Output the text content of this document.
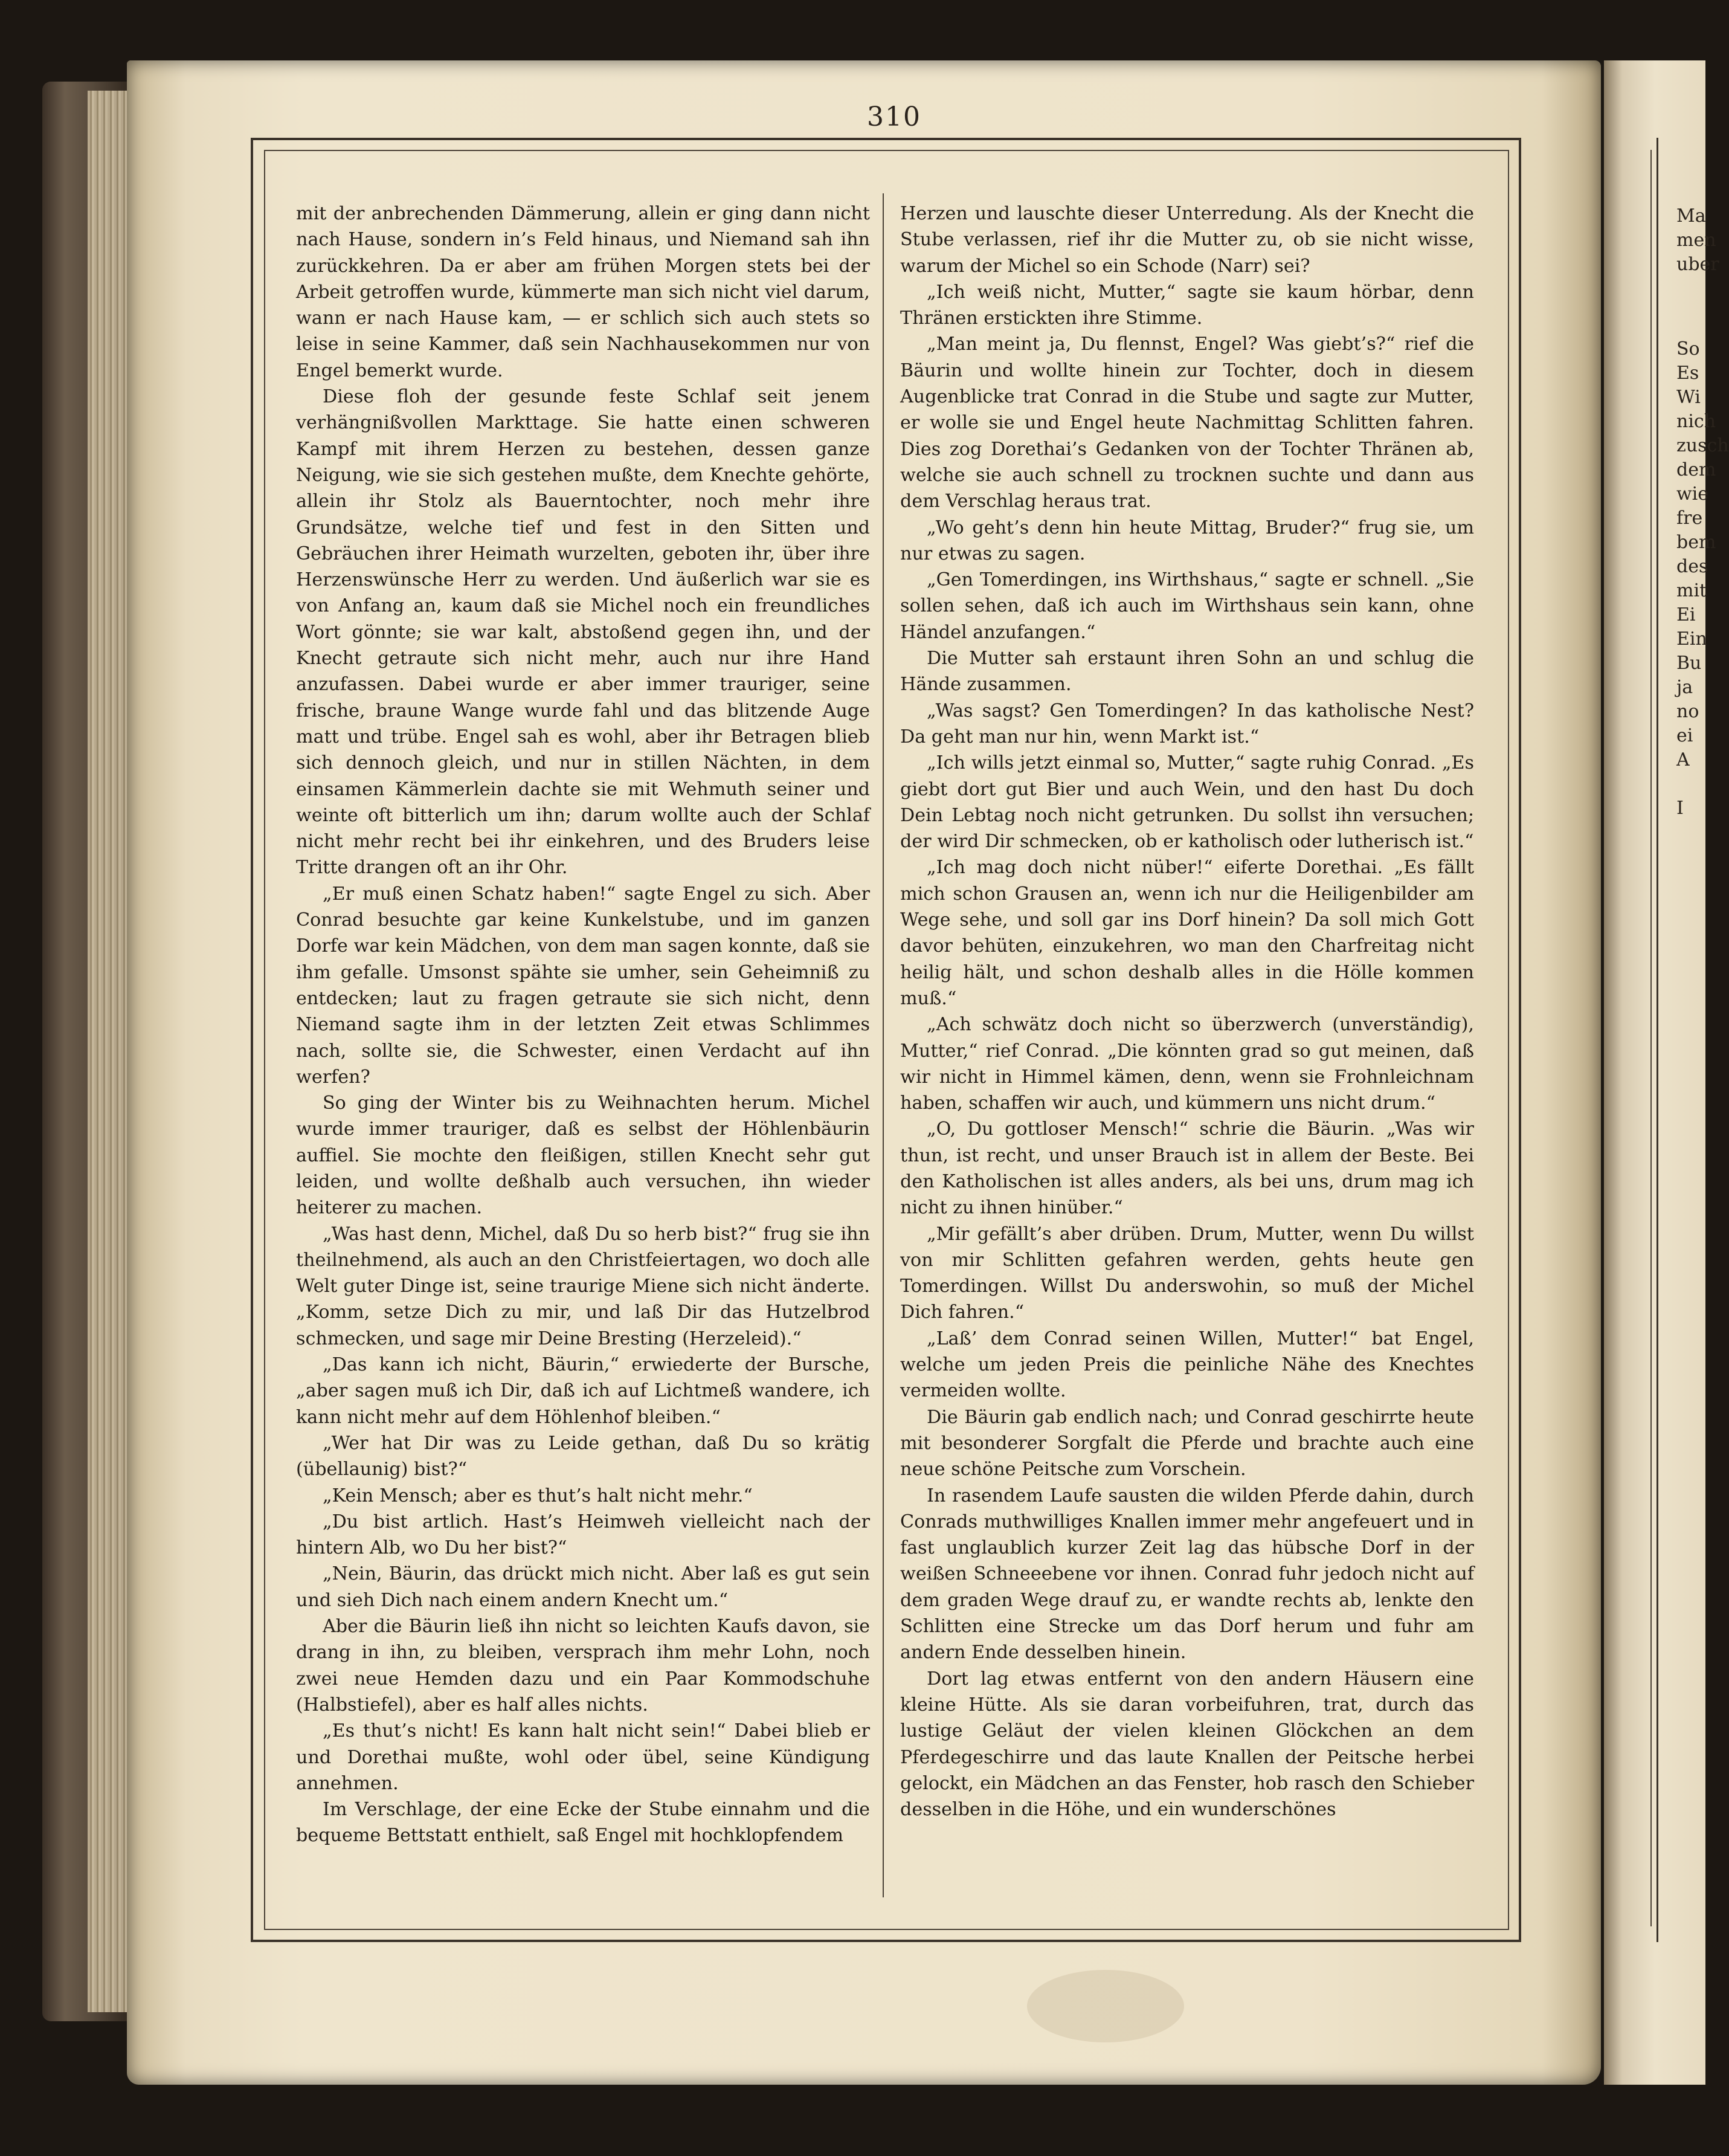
Ma
men
uber
So
Es
Wi
nich
zusch
dem
wie
fre
bem
des
mit
Ei
Ein
Bu
ja
no
ei
A
I
310

mit der anbrechenden Dämmerung, allein er ging dann nicht nach Hause, sondern in’s Feld hinaus, und Niemand sah ihn zurückkehren. Da er aber am frühen Morgen stets bei der Arbeit getroffen wurde, kümmerte man sich nicht viel darum, wann er nach Hause kam, — er schlich sich auch stets so leise in seine Kammer, daß sein Nachhausekommen nur von Engel bemerkt wurde.

Diese floh der gesunde feste Schlaf seit jenem verhängnißvollen Markttage. Sie hatte einen schweren Kampf mit ihrem Herzen zu bestehen, dessen ganze Neigung, wie sie sich gestehen mußte, dem Knechte gehörte, allein ihr Stolz als Bauerntochter, noch mehr ihre Grundsätze, welche tief und fest in den Sitten und Gebräuchen ihrer Heimath wurzelten, geboten ihr, über ihre Herzenswünsche Herr zu werden. Und äußerlich war sie es von Anfang an, kaum daß sie Michel noch ein freundliches Wort gönnte; sie war kalt, abstoßend gegen ihn, und der Knecht getraute sich nicht mehr, auch nur ihre Hand anzufassen. Dabei wurde er aber immer trauriger, seine frische, braune Wange wurde fahl und das blitzende Auge matt und trübe. Engel sah es wohl, aber ihr Betragen blieb sich dennoch gleich, und nur in stillen Nächten, in dem einsamen Kämmerlein dachte sie mit Wehmuth seiner und weinte oft bitterlich um ihn; darum wollte auch der Schlaf nicht mehr recht bei ihr einkehren, und des Bruders leise Tritte drangen oft an ihr Ohr.

„Er muß einen Schatz haben!“ sagte Engel zu sich. Aber Conrad besuchte gar keine Kunkelstube, und im ganzen Dorfe war kein Mädchen, von dem man sagen konnte, daß sie ihm gefalle. Umsonst spähte sie umher, sein Geheimniß zu entdecken; laut zu fragen getraute sie sich nicht, denn Niemand sagte ihm in der letzten Zeit etwas Schlimmes nach, sollte sie, die Schwester, einen Verdacht auf ihn werfen?

So ging der Winter bis zu Weihnachten herum. Michel wurde immer trauriger, daß es selbst der Höhlenbäurin auffiel. Sie mochte den fleißigen, stillen Knecht sehr gut leiden, und wollte deßhalb auch versuchen, ihn wieder heiterer zu machen.

„Was hast denn, Michel, daß Du so herb bist?“ frug sie ihn theilnehmend, als auch an den Christfeiertagen, wo doch alle Welt guter Dinge ist, seine traurige Miene sich nicht änderte. „Komm, setze Dich zu mir, und laß Dir das Hutzelbrod schmecken, und sage mir Deine Bresting (Herzeleid).“

„Das kann ich nicht, Bäurin,“ erwiederte der Bursche, „aber sagen muß ich Dir, daß ich auf Lichtmeß wandere, ich kann nicht mehr auf dem Höhlenhof bleiben.“

„Wer hat Dir was zu Leide gethan, daß Du so krätig (übellaunig) bist?“

„Kein Mensch; aber es thut’s halt nicht mehr.“

„Du bist artlich. Hast’s Heimweh vielleicht nach der hintern Alb, wo Du her bist?“

„Nein, Bäurin, das drückt mich nicht. Aber laß es gut sein und sieh Dich nach einem andern Knecht um.“

Aber die Bäurin ließ ihn nicht so leichten Kaufs davon, sie drang in ihn, zu bleiben, versprach ihm mehr Lohn, noch zwei neue Hemden dazu und ein Paar Kommodschuhe (Halbstiefel), aber es half alles nichts.

„Es thut’s nicht! Es kann halt nicht sein!“ Dabei blieb er und Dorethai mußte, wohl oder übel, seine Kündigung annehmen.

Im Verschlage, der eine Ecke der Stube einnahm und die bequeme Bettstatt enthielt, saß Engel mit hochklopfendem

Herzen und lauschte dieser Unterredung. Als der Knecht die Stube verlassen, rief ihr die Mutter zu, ob sie nicht wisse, warum der Michel so ein Schode (Narr) sei?

„Ich weiß nicht, Mutter,“ sagte sie kaum hörbar, denn Thränen erstickten ihre Stimme.

„Man meint ja, Du flennst, Engel? Was giebt’s?“ rief die Bäurin und wollte hinein zur Tochter, doch in diesem Augenblicke trat Conrad in die Stube und sagte zur Mutter, er wolle sie und Engel heute Nachmittag Schlitten fahren. Dies zog Dorethai’s Gedanken von der Tochter Thränen ab, welche sie auch schnell zu trocknen suchte und dann aus dem Verschlag heraus trat.

„Wo geht’s denn hin heute Mittag, Bruder?“ frug sie, um nur etwas zu sagen.

„Gen Tomerdingen, ins Wirthshaus,“ sagte er schnell. „Sie sollen sehen, daß ich auch im Wirthshaus sein kann, ohne Händel anzufangen.“

Die Mutter sah erstaunt ihren Sohn an und schlug die Hände zusammen.

„Was sagst? Gen Tomerdingen? In das katholische Nest? Da geht man nur hin, wenn Markt ist.“

„Ich wills jetzt einmal so, Mutter,“ sagte ruhig Conrad. „Es giebt dort gut Bier und auch Wein, und den hast Du doch Dein Lebtag noch nicht getrunken. Du sollst ihn versuchen; der wird Dir schmecken, ob er katholisch oder lutherisch ist.“

„Ich mag doch nicht nüber!“ eiferte Dorethai. „Es fällt mich schon Grausen an, wenn ich nur die Heiligenbilder am Wege sehe, und soll gar ins Dorf hinein? Da soll mich Gott davor behüten, einzukehren, wo man den Charfreitag nicht heilig hält, und schon deshalb alles in die Hölle kommen muß.“

„Ach schwätz doch nicht so überzwerch (unverständig), Mutter,“ rief Conrad. „Die könnten grad so gut meinen, daß wir nicht in Himmel kämen, denn, wenn sie Frohnleichnam haben, schaffen wir auch, und kümmern uns nicht drum.“

„O, Du gottloser Mensch!“ schrie die Bäurin. „Was wir thun, ist recht, und unser Brauch ist in allem der Beste. Bei den Katholischen ist alles anders, als bei uns, drum mag ich nicht zu ihnen hinüber.“

„Mir gefällt’s aber drüben. Drum, Mutter, wenn Du willst von mir Schlitten gefahren werden, gehts heute gen Tomerdingen. Willst Du anderswohin, so muß der Michel Dich fahren.“

„Laß’ dem Conrad seinen Willen, Mutter!“ bat Engel, welche um jeden Preis die peinliche Nähe des Knechtes vermeiden wollte.

Die Bäurin gab endlich nach; und Conrad geschirrte heute mit besonderer Sorgfalt die Pferde und brachte auch eine neue schöne Peitsche zum Vorschein.

In rasendem Laufe sausten die wilden Pferde dahin, durch Conrads muthwilliges Knallen immer mehr angefeuert und in fast unglaublich kurzer Zeit lag das hübsche Dorf in der weißen Schneeebene vor ihnen. Conrad fuhr jedoch nicht auf dem graden Wege drauf zu, er wandte rechts ab, lenkte den Schlitten eine Strecke um das Dorf herum und fuhr am andern Ende desselben hinein.

Dort lag etwas entfernt von den andern Häusern eine kleine Hütte. Als sie daran vorbeifuhren, trat, durch das lustige Geläut der vielen kleinen Glöckchen an dem Pferdegeschirre und das laute Knallen der Peitsche herbei gelockt, ein Mädchen an das Fenster, hob rasch den Schieber desselben in die Höhe, und ein wunderschönes
